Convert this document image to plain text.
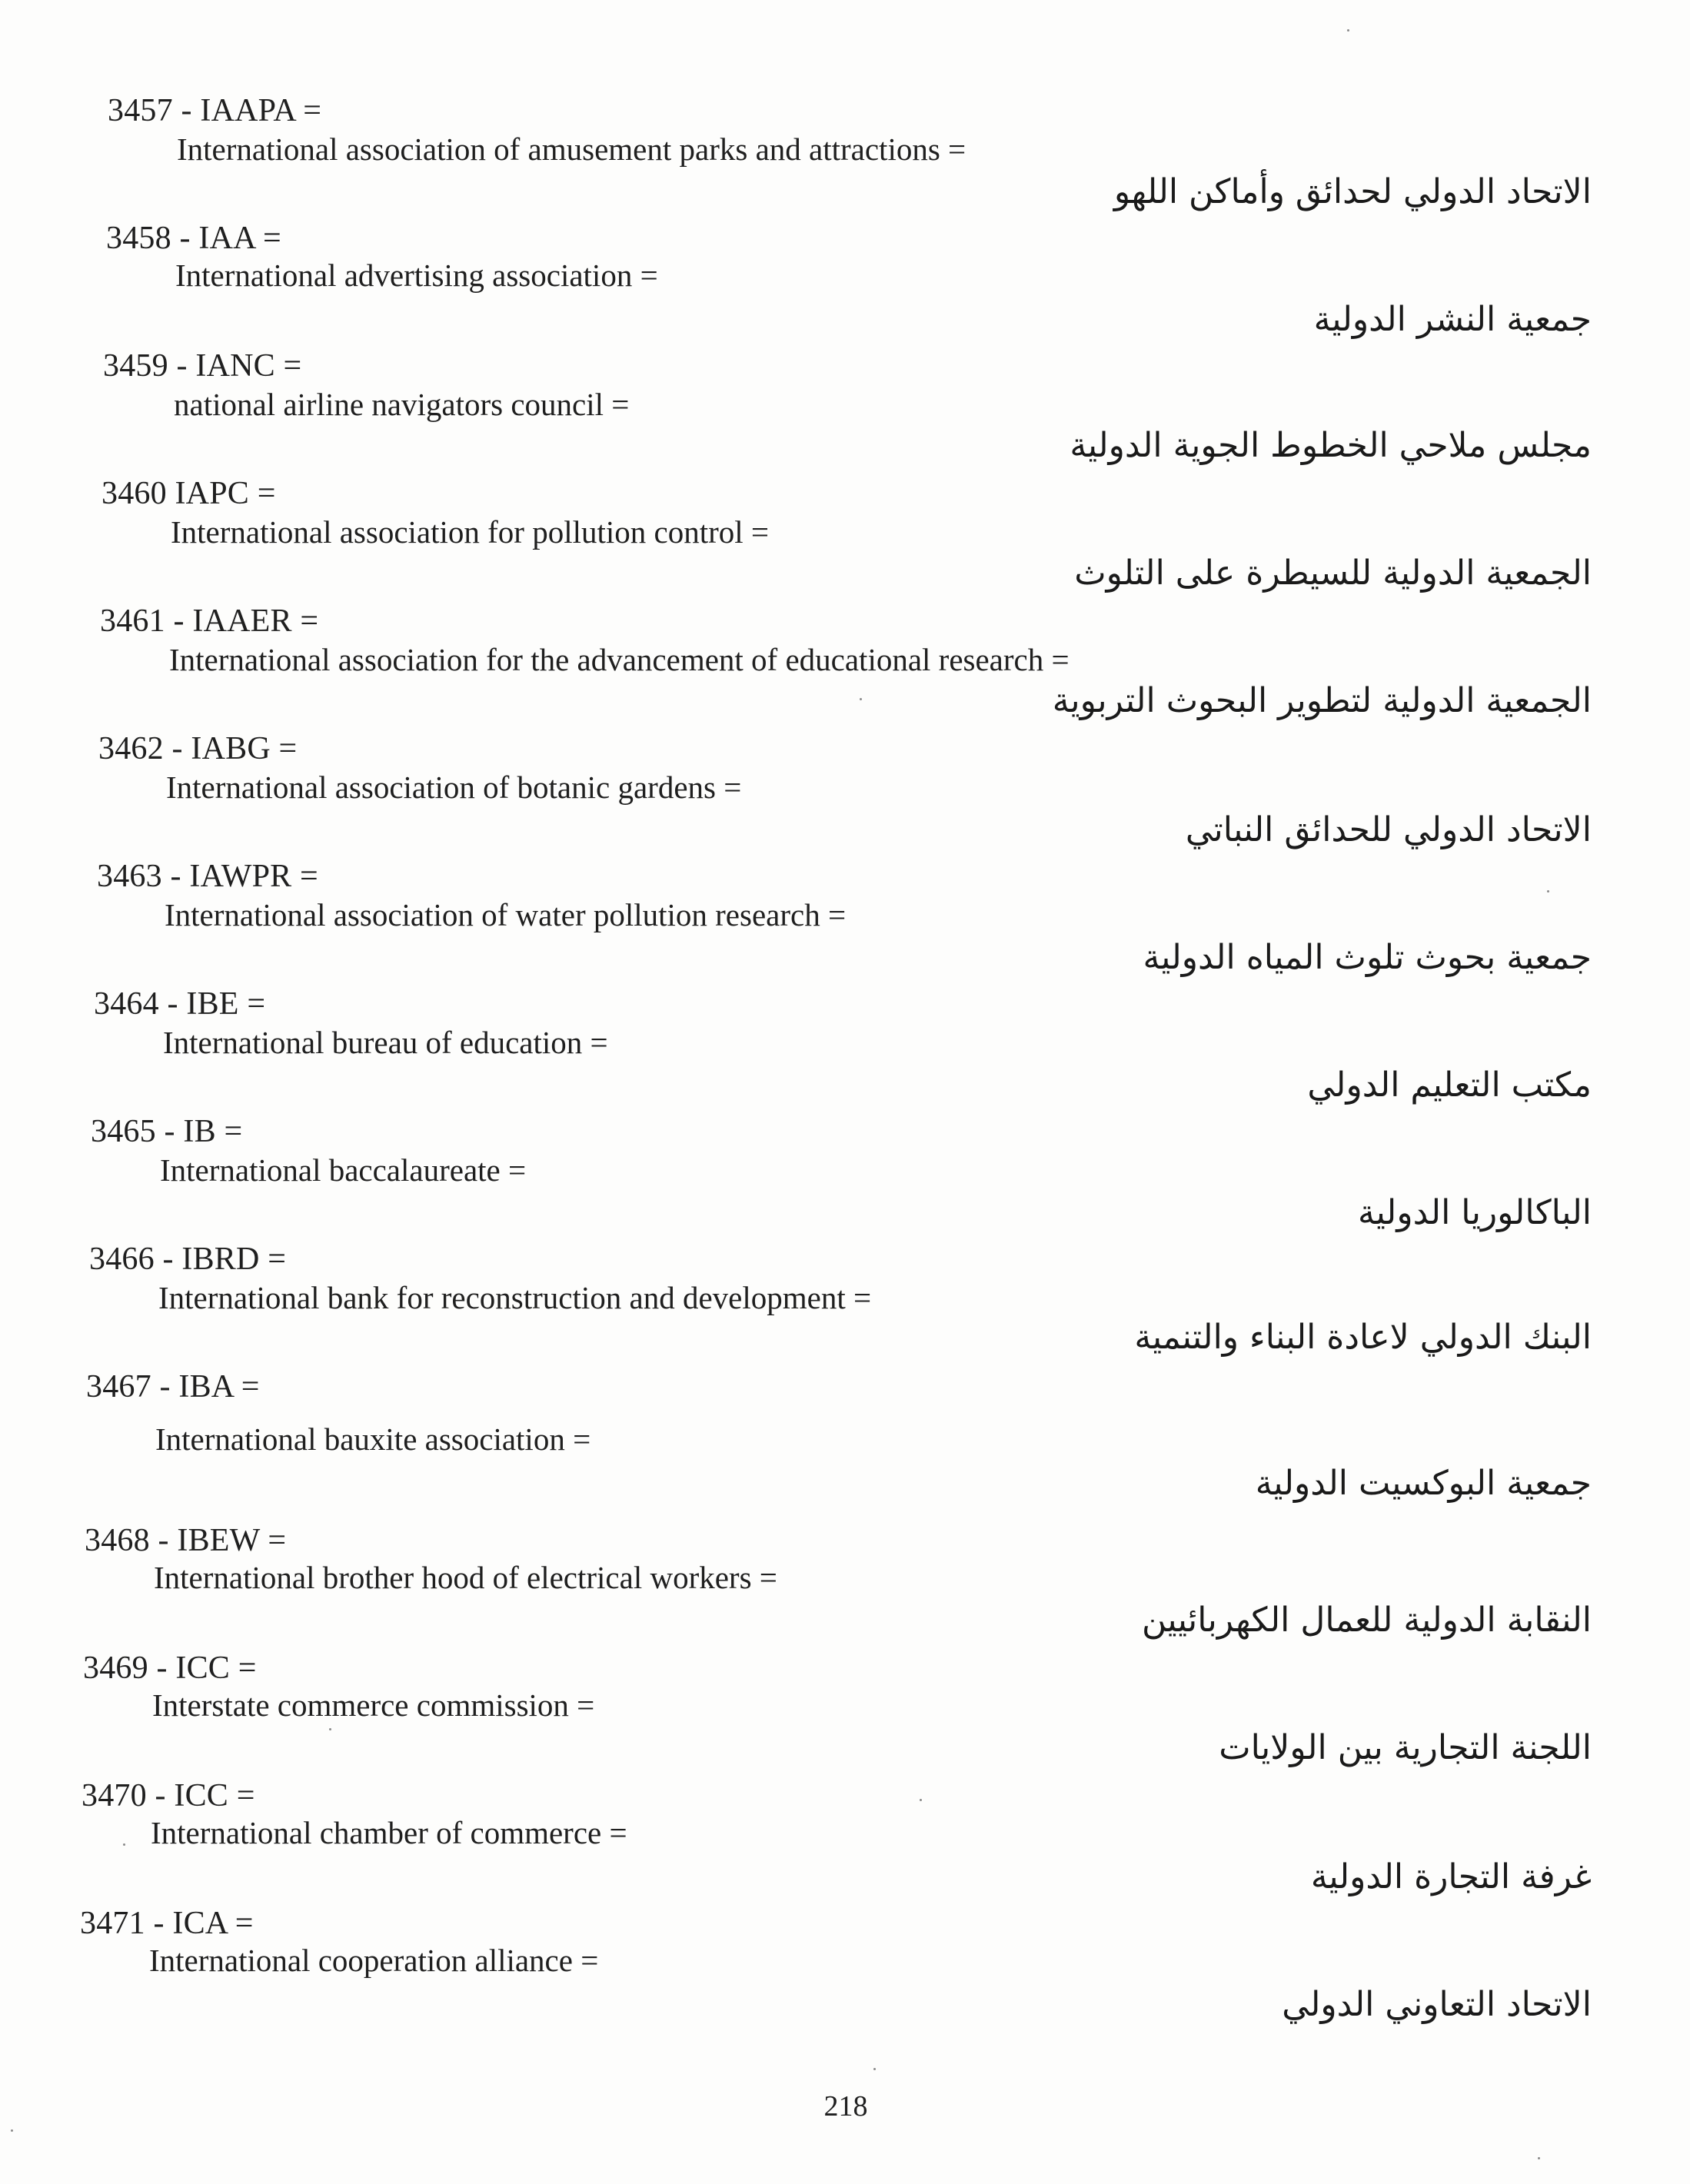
3457 - IAAPA =
International association of amusement parks and attractions =
الاتحاد الدولي لحدائق وأماكن اللهو
3458 - IAA =
International advertising association =
جمعية النشر الدولية
3459 - IANC =
national airline navigators council =
مجلس ملاحي الخطوط الجوية الدولية
3460 IAPC =
International association for pollution control =
الجمعية الدولية للسيطرة على التلوث
3461 - IAAER =
International association for the advancement of educational research =
الجمعية الدولية لتطوير البحوث التربوية
3462 - IABG =
International association of botanic gardens =
الاتحاد الدولي للحدائق النباتي
3463 - IAWPR =
International association of water pollution research =
جمعية بحوث تلوث المياه الدولية
3464 - IBE =
International bureau of education =
مكتب التعليم الدولي
3465 - IB =
International baccalaureate =
الباكالوريا الدولية
3466 - IBRD =
International bank for reconstruction and development =
البنك الدولي لاعادة البناء والتنمية
3467 - IBA =
International bauxite association =
جمعية البوكسيت الدولية
3468 - IBEW =
International brother hood of electrical workers =
النقابة الدولية للعمال الكهربائيين
3469 - ICC =
Interstate commerce commission =
اللجنة التجارية بين الولايات
3470 - ICC =
International chamber of commerce =
غرفة التجارة الدولية
3471 - ICA =
International cooperation alliance =
الاتحاد التعاوني الدولي
218
